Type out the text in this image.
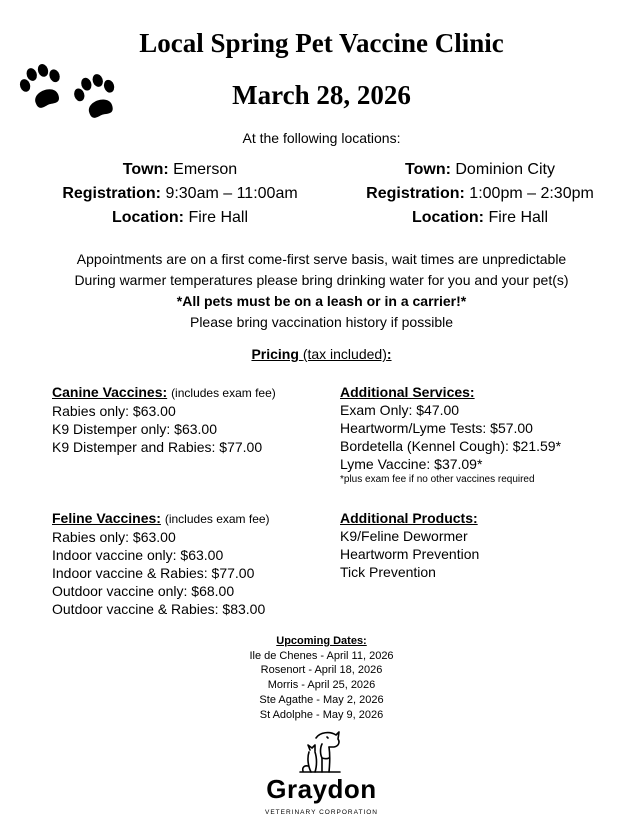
Local Spring Pet Vaccine Clinic
March 28, 2026
At the following locations:
Town: Emerson
Registration: 9:30am – 11:00am
Location: Fire Hall
Town: Dominion City
Registration: 1:00pm – 2:30pm
Location: Fire Hall
Appointments are on a first come-first serve basis, wait times are unpredictable
During warmer temperatures please bring drinking water for you and your pet(s)
*All pets must be on a leash or in a carrier!*
Please bring vaccination history if possible
Pricing (tax included):
Canine Vaccines: (includes exam fee)
Rabies only: $63.00
K9 Distemper only: $63.00
K9 Distemper and Rabies: $77.00
Additional Services:
Exam Only: $47.00
Heartworm/Lyme Tests: $57.00
Bordetella (Kennel Cough): $21.59*
Lyme Vaccine: $37.09*
*plus exam fee if no other vaccines required
Feline Vaccines: (includes exam fee)
Rabies only: $63.00
Indoor vaccine only: $63.00
Indoor vaccine & Rabies: $77.00
Outdoor vaccine only: $68.00
Outdoor vaccine & Rabies: $83.00
Additional Products:
K9/Feline Dewormer
Heartworm Prevention
Tick Prevention
Upcoming Dates:
Ile de Chenes - April 11, 2026
Rosenort - April 18, 2026
Morris - April 25, 2026
Ste Agathe - May 2, 2026
St Adolphe - May 9, 2026
Graydon
VETERINARY CORPORATION
